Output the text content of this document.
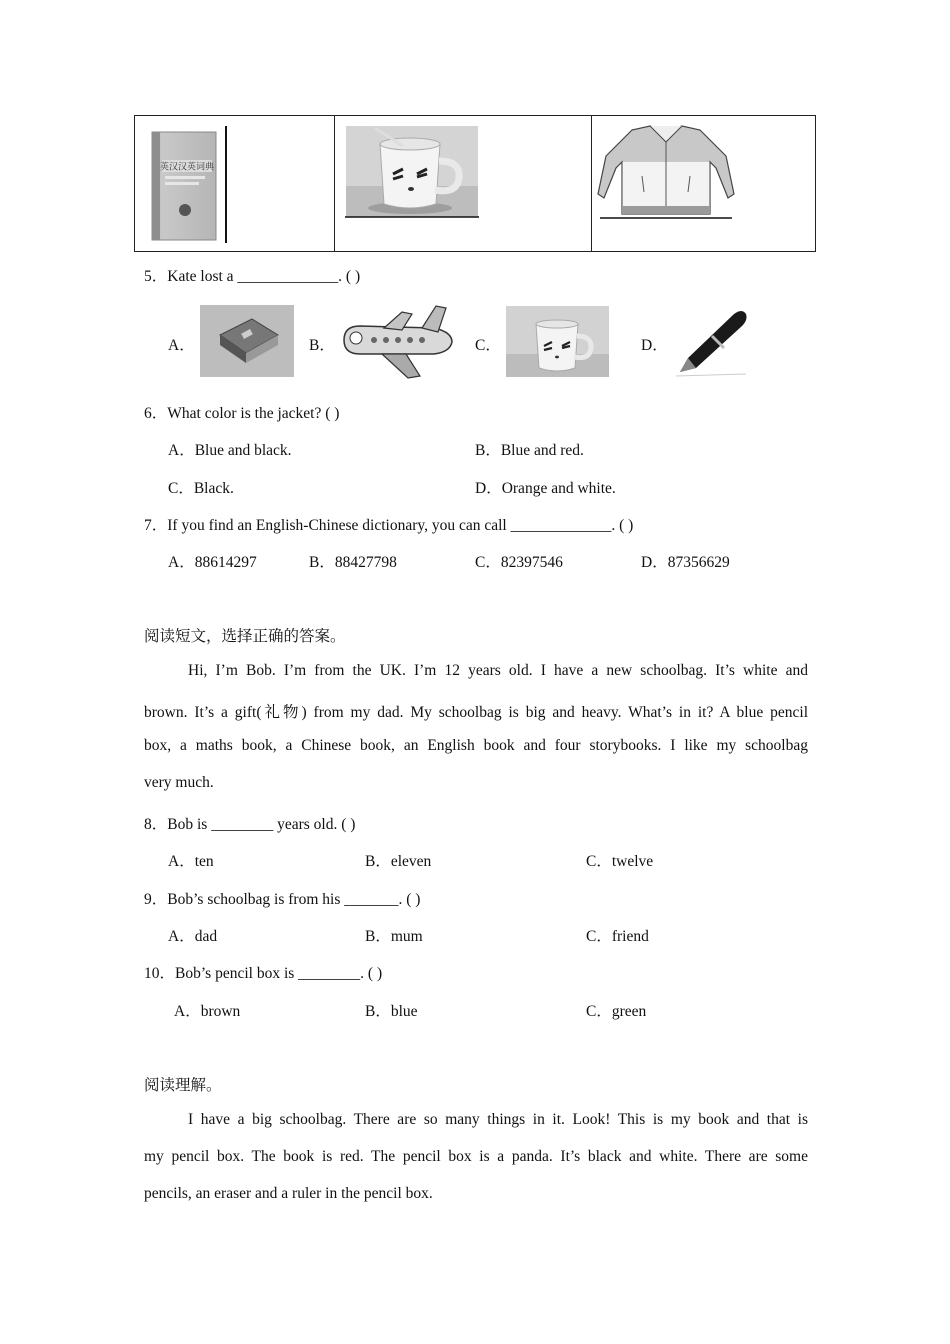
英汉汉英词典
5．Kate lost a _____________. ( )
A．	B．	C．	D．
6．What color is the jacket? ( )
A．Blue and black.	B．Blue and red.
C．Black.	D．Orange and white.
7．If you find an English-Chinese dictionary, you can call _____________. ( )
A．88614297	B．88427798	C．82397546	D．87356629
阅读短文，选择正确的答案。
Hi, I’m Bob. I’m from the UK. I’m 12 years old. I have a new schoolbag. It’s white and
brown. It’s a gift(礼物) from my dad. My schoolbag is big and heavy. What’s in it? A blue pencil
box, a maths book, a Chinese book, an English book and four storybooks. I like my schoolbag
very much.
8．Bob is ________ years old. ( )
A．ten	B．eleven	C．twelve
9．Bob’s schoolbag is from his _______. ( )
A．dad	B．mum	C．friend
10．Bob’s pencil box is ________. ( )
A．brown	B．blue	C．green
阅读理解。
I have a big schoolbag. There are so many things in it. Look! This is my book and that is
my pencil box. The book is red. The pencil box is a panda. It’s black and white. There are some
pencils, an eraser and a ruler in the pencil box.
